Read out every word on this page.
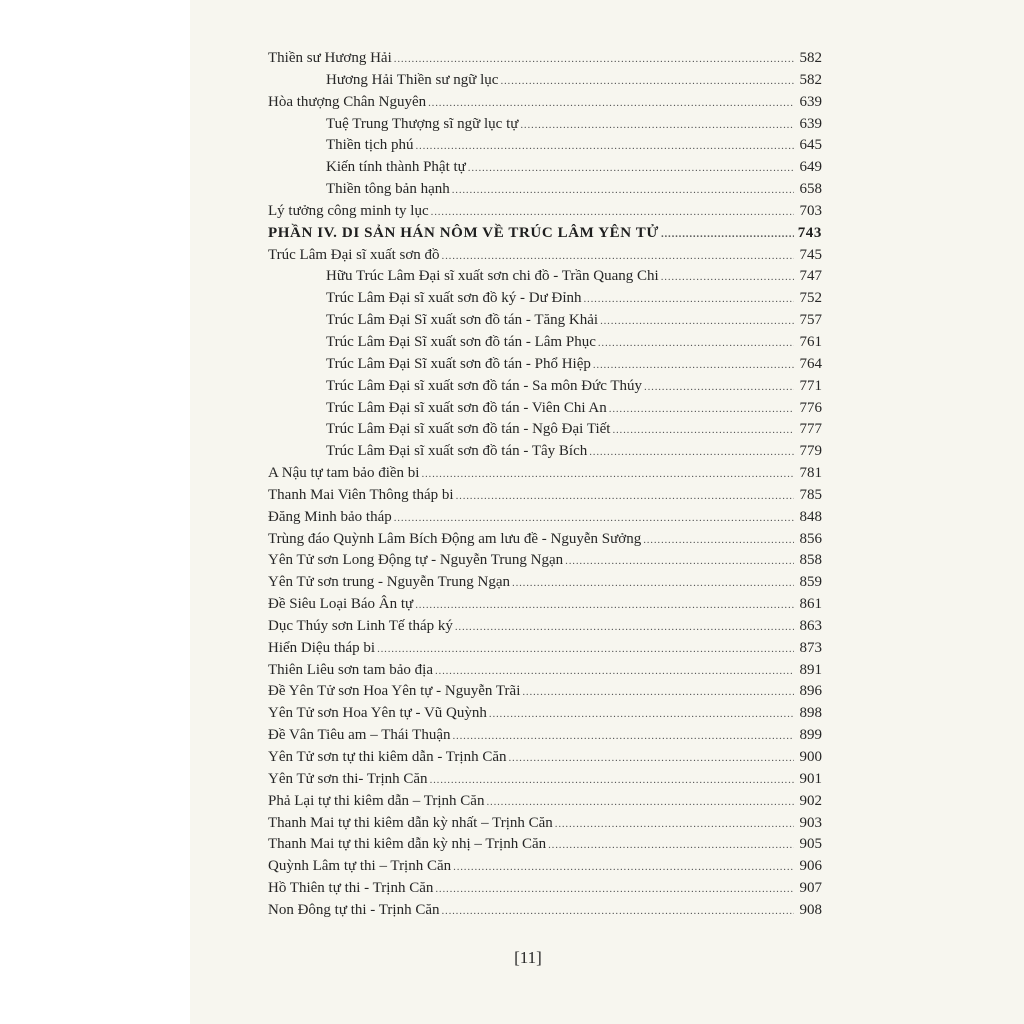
Thiền sư Hương Hải .....	582
Hương Hải Thiền sư ngữ lục .....	582
Hòa thượng Chân Nguyên .....	639
Tuệ Trung Thượng sĩ ngữ lục tự .....	639
Thiền tịch phú .....	645
Kiến tính thành Phật tự .....	649
Thiền tông bản hạnh .....	658
Lý tưởng công minh ty lục .....	703
PHẦN IV. DI SẢN HÁN NÔM VỀ TRÚC LÂM YÊN TỬ .....	743
Trúc Lâm Đại sĩ xuất sơn đồ .....	745
Hữu Trúc Lâm Đại sĩ xuất sơn chi đồ - Trần Quang Chi .....	747
Trúc Lâm Đại sĩ xuất sơn đồ ký - Dư Đỉnh .....	752
Trúc Lâm Đại Sĩ xuất sơn đồ tán - Tăng Khải .....	757
Trúc Lâm Đại Sĩ xuất sơn đồ tán - Lâm Phục .....	761
Trúc Lâm Đại Sĩ xuất sơn đồ tán - Phổ Hiệp .....	764
Trúc Lâm Đại sĩ xuất sơn đồ tán - Sa môn Đức Thúy .....	771
Trúc Lâm Đại sĩ xuất sơn đồ tán - Viên Chi An .....	776
Trúc Lâm Đại sĩ xuất sơn đồ tán - Ngô Đại Tiết .....	777
Trúc Lâm Đại sĩ xuất sơn đồ tán - Tây Bích .....	779
A Nậu tự tam bảo điền bi .....	781
Thanh Mai Viên Thông tháp bi .....	785
Đăng Minh bảo tháp .....	848
Trùng đáo Quỳnh Lâm Bích Động am lưu đề - Nguyễn Sưởng .....	856
Yên Tử sơn Long Động tự - Nguyễn Trung Ngạn .....	858
Yên Tử sơn trung - Nguyễn Trung Ngạn .....	859
Đề Siêu Loại Báo Ân tự .....	861
Dục Thúy sơn Linh Tế tháp ký .....	863
Hiển Diệu tháp bi .....	873
Thiên Liêu sơn tam bảo địa .....	891
Đề Yên Tử sơn Hoa Yên tự - Nguyễn Trãi .....	896
Yên Tử sơn Hoa Yên tự - Vũ Quỳnh .....	898
Đề Vân Tiêu am – Thái Thuận .....	899
Yên Tử sơn tự thi kiêm dẫn - Trịnh Căn .....	900
Yên Tử sơn thi- Trịnh Căn .....	901
Phả Lại tự thi kiêm dẫn – Trịnh Căn .....	902
Thanh Mai tự thi kiêm dẫn kỳ nhất – Trịnh Căn .....	903
Thanh Mai tự thi kiêm dẫn kỳ nhị – Trịnh Căn .....	905
Quỳnh Lâm tự thi – Trịnh Căn .....	906
Hồ Thiên tự thi - Trịnh Căn .....	907
Non Đông tự thi - Trịnh Căn .....	908
[11]
